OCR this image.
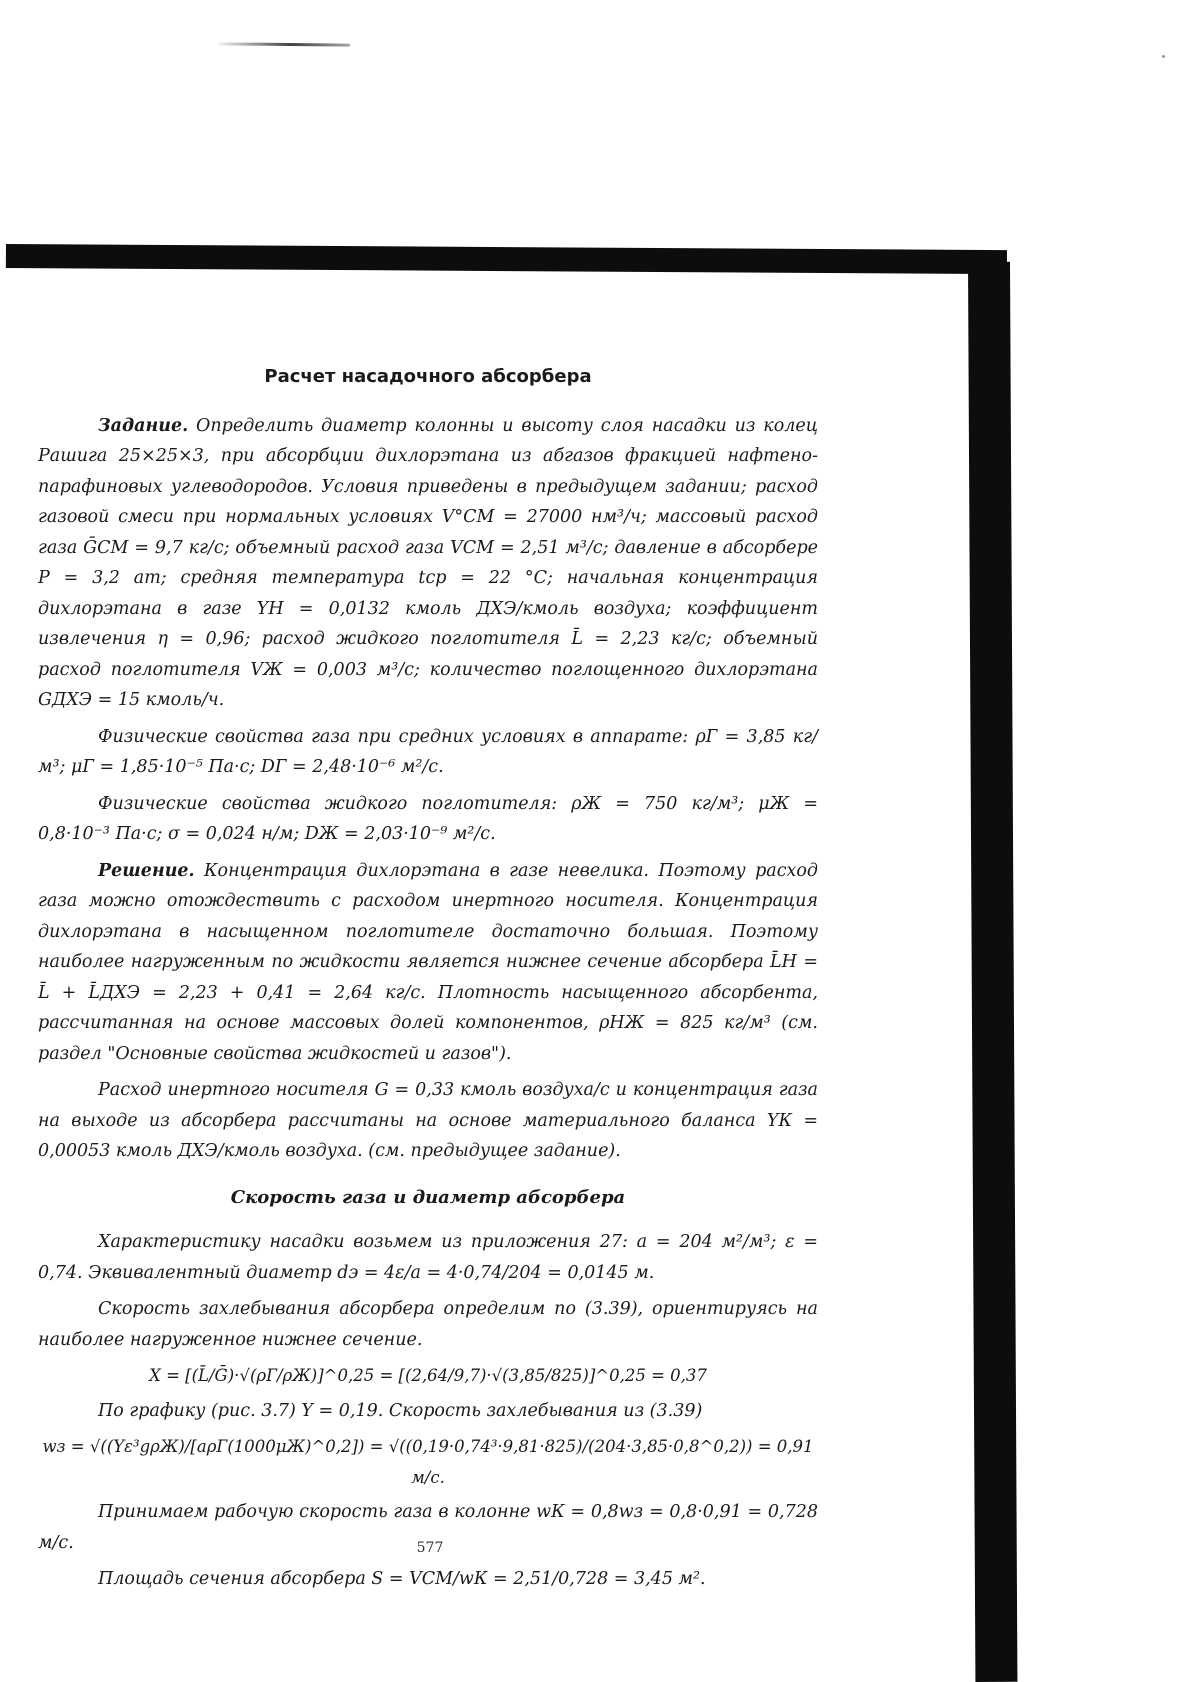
Расчет насадочного абсорбера

Задание. Определить диаметр колонны и высоту слоя насадки из колец Рашига 25×25×3, при абсорбции дихлорэтана из абгазов фракцией нафтено-парафиновых углеводородов. Условия приведены в предыдущем задании; расход газовой смеси при нормальных условиях V°СМ = 27000 нм³/ч; массовый расход газа ḠСМ = 9,7 кг/с; объемный расход газа VСМ = 2,51 м³/с; давление в абсорбере P = 3,2 ат; средняя температура tср = 22 °C; начальная концентрация дихлорэтана в газе YН = 0,0132 кмоль ДХЭ/кмоль воздуха; коэффициент извлечения η = 0,96; расход жидкого поглотителя L̄ = 2,23 кг/с; объемный расход поглотителя VЖ = 0,003 м³/с; количество поглощенного дихлорэтана GДХЭ = 15 кмоль/ч.

Физические свойства газа при средних условиях в аппарате: ρГ = 3,85 кг/м³; μГ = 1,85·10⁻⁵ Па·с; DГ = 2,48·10⁻⁶ м²/с.

Физические свойства жидкого поглотителя: ρЖ = 750 кг/м³; μЖ = 0,8·10⁻³ Па·с; σ = 0,024 н/м; DЖ = 2,03·10⁻⁹ м²/с.

Решение. Концентрация дихлорэтана в газе невелика. Поэтому расход газа можно отождествить с расходом инертного носителя. Концентрация дихлорэтана в насыщенном поглотителе достаточно большая. Поэтому наиболее нагруженным по жидкости является нижнее сечение абсорбера L̄Н = L̄ + L̄ДХЭ = 2,23 + 0,41 = 2,64 кг/с. Плотность насыщенного абсорбента, рассчитанная на основе массовых долей компонентов, ρНЖ = 825 кг/м³ (см. раздел "Основные свойства жидкостей и газов").

Расход инертного носителя G = 0,33 кмоль воздуха/с и концентрация газа на выходе из абсорбера рассчитаны на основе материального баланса YК = 0,00053 кмоль ДХЭ/кмоль воздуха. (см. предыдущее задание).

Скорость газа и диаметр абсорбера

Характеристику насадки возьмем из приложения 27: a = 204 м²/м³; ε = 0,74. Эквивалентный диаметр dэ = 4ε/a = 4·0,74/204 = 0,0145 м.

Скорость захлебывания абсорбера определим по (3.39), ориентируясь на наиболее нагруженное нижнее сечение.

X = [(L̄/Ḡ)·√(ρГ/ρЖ)]^0,25 = [(2,64/9,7)·√(3,85/825)]^0,25 = 0,37

По графику (рис. 3.7) Y = 0,19. Скорость захлебывания из (3.39)

wз = √((Yε³gρЖ)/[aρГ(1000μЖ)^0,2]) = √((0,19·0,74³·9,81·825)/(204·3,85·0,8^0,2)) = 0,91 м/с.

Принимаем рабочую скорость газа в колонне wК = 0,8wз = 0,8·0,91 = 0,728 м/с.

Площадь сечения абсорбера S = VСМ/wК = 2,51/0,728 = 3,45 м².

577
